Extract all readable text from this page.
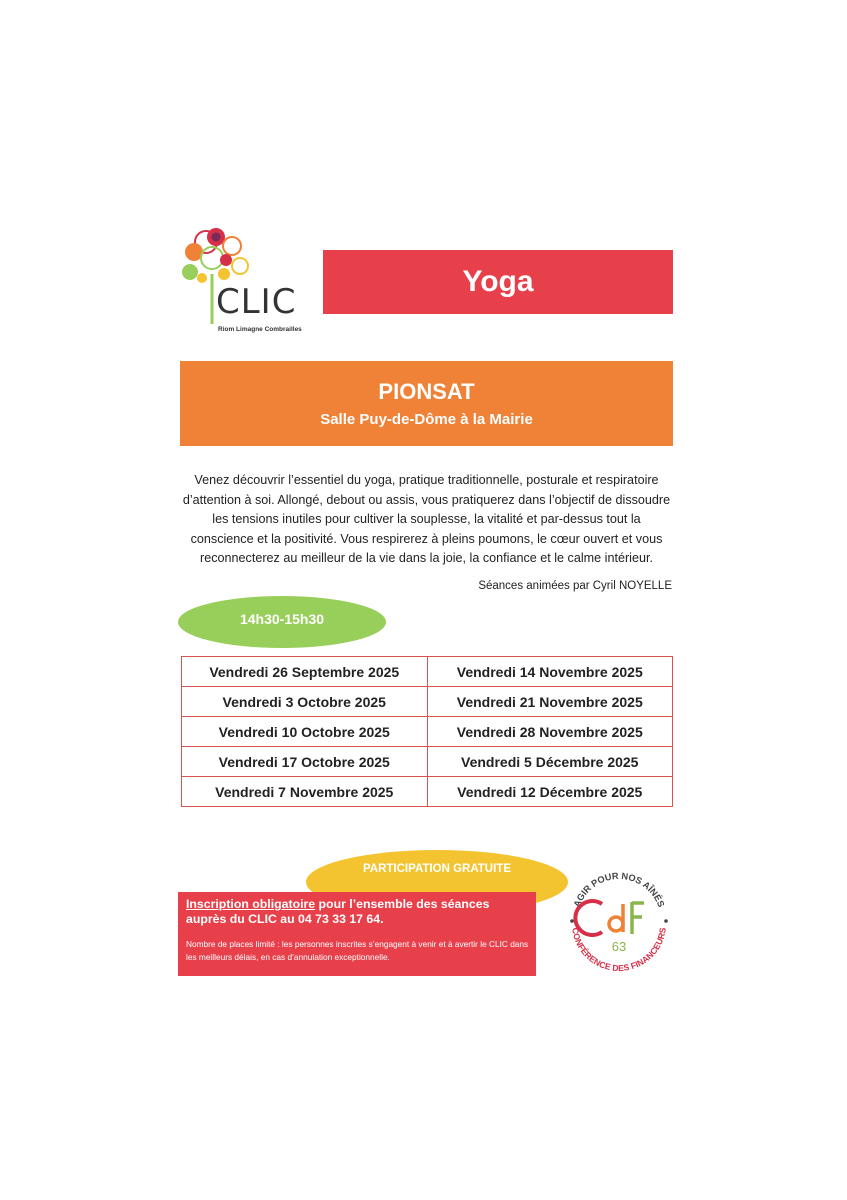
CLIC
Riom Limagne Combrailles
Yoga
PIONSAT
Salle Puy-de-Dôme à la Mairie
Venez découvrir l’essentiel du yoga, pratique traditionnelle, posturale et respiratoire d’attention à soi. Allongé, debout ou assis, vous pratiquerez dans l’objectif de dissoudre les tensions inutiles pour cultiver la souplesse, la vitalité et par-dessus tout la conscience et la positivité. Vous respirerez à pleins poumons, le cœur ouvert et vous reconnecterez au meilleur de la vie dans la joie, la confiance et le calme intérieur.
Séances animées par Cyril NOYELLE
14h30-15h30
Vendredi 26 Septembre 2025	Vendredi 14 Novembre 2025
Vendredi 3 Octobre 2025	Vendredi 21 Novembre 2025
Vendredi 10 Octobre 2025	Vendredi 28 Novembre 2025
Vendredi 17 Octobre 2025	Vendredi 5 Décembre 2025
Vendredi 7 Novembre 2025	Vendredi 12 Décembre 2025
PARTICIPATION GRATUITE
Inscription obligatoire pour l’ensemble des séances
auprès du CLIC au 04 73 33 17 64.
Nombre de places limité : les personnes inscrites s’engagent à venir et à avertir le CLIC dans les meilleurs délais, en cas d’annulation exceptionnelle.
AGIR POUR NOS AÎNÉS
CONFÉRENCE DES FINANCEURS
63
